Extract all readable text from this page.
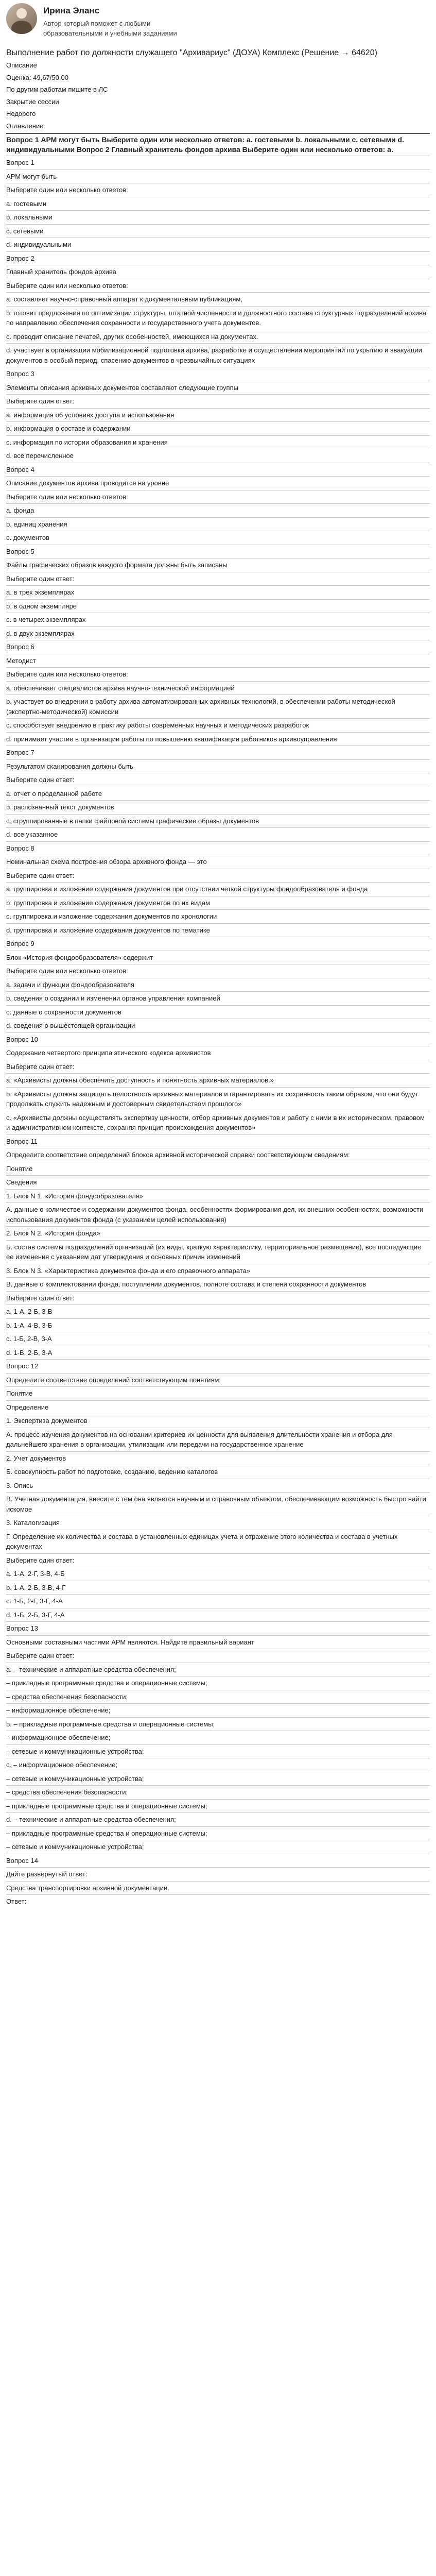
Ирина Эланс
Автор который поможет с любыми образовательными и учебными заданиями
Выполнение работ по должности служащего "Архивариус" (ДОУА) Комплекс (Решение → 64620)

Описание

Оценка: 49,67/50,00

По другим работам пишите в ЛС

Закрытие сессии

Недорого

Оглавление

Вопрос 1 АРМ могут быть Выберите один или несколько ответов: a. гостевыми b. локальными c. сетевыми d. индивидуальными Вопрос 2 Главный хранитель фондов архива Выберите один или несколько ответов: a.

Вопрос 1

АРМ могут быть

Выберите один или несколько ответов:

a. гостевыми

b. локальными

c. сетевыми

d. индивидуальными

Вопрос 2

Главный хранитель фондов архива

Выберите один или несколько ответов:

a. составляет научно-справочный аппарат к документальным публикациям,

b. готовит предложения по оптимизации структуры, штатной численности и должностного состава структурных подразделений архива по направлению обеспечения сохранности и государственного учета документов.

c. проводит описание печатей, других особенностей, имеющихся на документах.

d. участвует в организации мобилизационной подготовки архива, разработке и осуществлении мероприятий по укрытию и эвакуации документов в особый период, спасению документов в чрезвычайных ситуациях

Вопрос 3

Элементы описания архивных документов составляют следующие группы

Выберите один ответ:

a. информация об условиях доступа и использования

b. информация о составе и содержании

c. информация по истории образования и хранения

d. все перечисленное

Вопрос 4

Описание документов архива проводится на уровне

Выберите один или несколько ответов:

a. фонда

b. единиц хранения

c. документов

Вопрос 5

Файлы графических образов каждого формата должны быть записаны

Выберите один ответ:

a. в трех экземплярах

b. в одном экземпляре

c. в четырех экземплярах

d. в двух экземплярах

Вопрос 6

Методист

Выберите один или несколько ответов:

a. обеспечивает специалистов архива научно-технической информацией

b. участвует во внедрении в работу архива автоматизированных архивных технологий, в обеспечении работы методической (экспертно-методической) комиссии

c. способствует внедрению в практику работы современных научных и методических разработок

d. принимает участие в организации работы по повышению квалификации работников архивоуправления

Вопрос 7

Результатом сканирования должны быть

Выберите один ответ:

a. отчет о проделанной работе

b. распознанный текст документов

c. сгруппированные в папки файловой системы графические образы документов

d. все указанное

Вопрос 8

Номинальная схема построения обзора архивного фонда — это

Выберите один ответ:

a. группировка и изложение содержания документов при отсутствии четкой структуры фондообразователя и фонда

b. группировка и изложение содержания документов по их видам

c. группировка и изложение содержания документов по хронологии

d. группировка и изложение содержания документов по тематике

Вопрос 9

Блок «История фондообразователя» содержит

Выберите один или несколько ответов:

a. задачи и функции фондообразователя

b. сведения о создании и изменении органов управления компанией

c. данные о сохранности документов

d. сведения о вышестоящей организации

Вопрос 10

Содержание четвертого принципа этического кодекса архивистов

Выберите один ответ:

a. «Архивисты должны обеспечить доступность и понятность архивных материалов.»

b. «Архивисты должны защищать целостность архивных материалов и гарантировать их сохранность таким образом, что они будут продолжать служить надежным и достоверным свидетельством прошлого»

c. «Архивисты должны осуществлять экспертизу ценности, отбор архивных документов и работу с ними в их историческом, правовом и административном контексте, сохраняя принцип происхождения документов»

Вопрос 11

Определите соответствие определений блоков архивной исторической справки соответствующим сведениям:

Понятие

Сведения

1. Блок N 1. «История фондообразователя»

A. данные о количестве и содержании документов фонда, особенностях формирования дел, их внешних особенностях, возможности использования документов фонда (с указанием целей использования)

2. Блок N 2. «История фонда»

Б. состав системы подразделений организаций (их виды, краткую характеристику, территориальное размещение), все последующие ее изменения с указанием дат утверждения и основных причин изменений

3. Блок N 3. «Характеристика документов фонда и его справочного аппарата»

В. данные о комплектовании фонда, поступлении документов, полноте состава и степени сохранности документов

Выберите один ответ:

a. 1-А, 2-Б, 3-В

b. 1-А, 4-В, 3-Б

c. 1-Б, 2-В, 3-А

d. 1-В, 2-Б, 3-А

Вопрос 12

Определите соответствие определений соответствующим понятиям:

Понятие

Определение

1. Экспертиза документов

A. процесс изучения документов на основании критериев их ценности для выявления длительности хранения и отбора для дальнейшего хранения в организации, утилизации или передачи на государственное хранение

2. Учет документов

Б. совокупность работ по подготовке, созданию, ведению каталогов

3. Опись

В. Учетная документация, внесите с тем она является научным и справочным объектом, обеспечивающим возможность быстро найти искомое

3. Каталогизация

Г. Определение их количества и состава в установленных единицах учета и отражение этого количества и состава в учетных документах

Выберите один ответ:

a. 1-А, 2-Г, 3-В, 4-Б

b. 1-А, 2-Б, 3-В, 4-Г

c. 1-Б, 2-Г, 3-Г, 4-А

d. 1-Б, 2-Б, 3-Г, 4-А

Вопрос 13

Основными составными частями АРМ являются. Найдите правильный вариант

Выберите один ответ:

a. – технические и аппаратные средства обеспечения;

– прикладные программные средства и операционные системы;

– средства обеспечения безопасности;

– информационное обеспечение;

b. – прикладные программные средства и операционные системы;

– информационное обеспечение;

– сетевые и коммуникационные устройства;

c. – информационное обеспечение;

– сетевые и коммуникационные устройства;

– средства обеспечения безопасности;

– прикладные программные средства и операционные системы;

d. – технические и аппаратные средства обеспечения;

– прикладные программные средства и операционные системы;

– сетевые и коммуникационные устройства;

Вопрос 14

Дайте развёрнутый ответ:

Средства транспортировки архивной документации.

Ответ:
